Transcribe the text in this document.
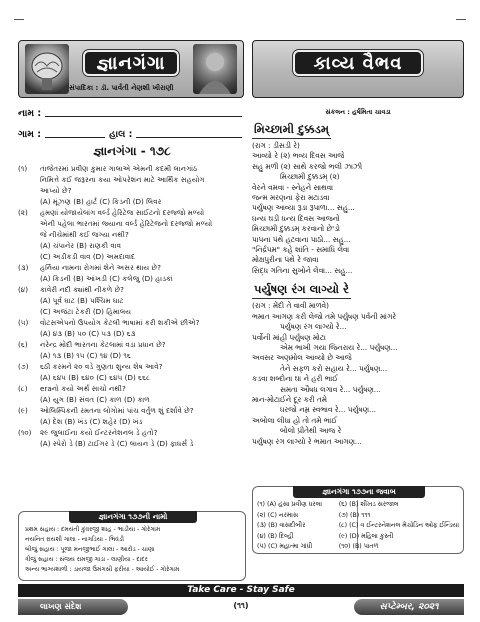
જ્ઞાનગંગા
સંપાદિકા : ડૉ. પાર્વતી નેણશી ખીરાણી
કાવ્ય વૈભવ
નામ :
ગામ :	હાલ :
જ્ઞાનગંગા - ૧૭૮
(૧)	તાજેતરમાં પ્રવીણ કુમાર ગાલાએ એમની કદમી લાનગાંઠ
નિમિત્તે કઈ જરૂરના કયા ઓપરેશન માટે આર્થિક સહયોગ
આપ્યો છે?
(A) મૂંઝણ (B) હાર્ટ (C) કિડની (D) લિવર
(૨)	હમણાં યોજાયેલાંગ વર્લ્ડ હેરિટેજ સાઈટનો દરજ્જો મળ્યો
એની પહેલા ભારતમાં જ્યાના વર્લ્ડ હેરિટેજનો દરજ્જો મળ્યો
જે નીચેમાંથી કઈ જગ્યા નથી?
(A) ચંપાનેર (B) રાણકી વાવ
(C) અડીકડી વાવ (D) અમદાવાદ
(૩)	હર્નિયા નામના રોગમાં શેને અસર થાય છે?
(A) કિડની (B) આંખડી (C) કલેજુ (D) હાડકાં
(૪)	કાવેરી નદી ક્યાંથી નીકળે છે?
(A) પૂર્વ ઘાટ (B) પશ્ચિમ ઘાટ
(C) અજંટા ટેકરી (D) હિમાલય
(૫)	વોટસએપનો ઉપયોગ કેટલી ભાષામાં કરી શકીએ છીએ?
(A) ૪૩ (B) ૫૦ (C) ૫૩ (D) ૬૩
(૬)	નરેન્દ્ર મોદી ભારતના કેટલામાં વડા પ્રધાન છે?
(A) ૧૩ (B) ૧૫ (C) ૧૪ (D) ૧૬
(૭)	૬ઠી કરમને ૨૦ વડે ગુણતા શુન્ય શેષ આવે?
(A) ૬૪૫ (B) ૬૪૦ (C) ૬૪૫ (D) ૬૬૮
(૮)	eraનો કયો અર્થ સાચો નથી?
(A) યુગ (B) સંવત (C) કાળ (D) કાળ
(૯)	ઓલિમ્પિકની રમતના લોગોમાં પાંચ વર્તુળ શું દર્શાવે છે?
(A) દેશ (B) ખંડ (C) શહેર (D) ખંડ
(૧૦)	૨૯ જુલાઈના કયો ઈન્ટરનેશનલ ડે હતો?
(A) સ્પેરો ડે (B) ટાઈગર ડે (C) લાયન ડે (D) ફાધર્સ ડે
જ્ઞાનગંગા ૧૭૭ની નામો
પ્રથમ સહાય : દમયંતી કુંવરજી શાહ - ભાડીયા - ગોરેગામ
નયનિત રાયશી ગાલા - નાગડિયા - ભિવંડી
બીજું સહાય : પૂજા મનજીભાઈ ગાલા - આરોંડ - ચાણા
ત્રીજું સહાય : સંજય રામજી ગાડા - લાણીયા - દાદર
અન્ય ભાગ્યશાળી : ડાયજા ઉમંગસી ફરીયા - આયોઈ - ગોરેગામ
સંકલન : હર્ષમિતા ચાવડા
મિચ્છામી દુક્કડમ્
(રાગ : ડીસડી રે)
આવ્યો રે (૨) ભવ્ય દિવસ આજે
સહુ મળી (૨) સાથે કરજો ભલી ઝાઝી
મિચ્છામી દુક્કડમ્ (૨)
વેરને વમવા - સ્નેહને સાથવા
જન્મ મરણના ફેરા મટાડવા
પર્યુષણ આવ્યા રૂડા રૂપાળા... સહુ...
ધન્ય ઘડી ધન્ય દિવસ આજનો
મિચ્છામી દુક્કડમ્ કરવાનો છે'ડો
પાપના પંથે હટવાના પાઠો... સહુ...
"નિર્દ્રપમ" કહે શાંતિ - સમાધિ લેવા
મોક્ષપુરીના પંથે રે જાવા
સિદ્ધ ગતિના સુખોને લેવા... સહુ...
પર્યુષણ રંગ લાગ્યો રે
(રાગ : મેંદી તે વાવી માળવે)
ભમાત આગણ કરી લેજો તમે પર્યુષણ પર્વની માંગરે
પર્યુષણ રંગ લાગ્યો રે...
પર્વોની માંહી પર્યુષણ મોટા
એમ ભાખી ગયા જિનરાય રે... પર્યુષણ...
અવસર અણમોલ આવ્યો છે આજે
તેને સફળ કરો સહાય રે... પર્યુષણ...
કડવા શબ્દોના ઘા ને હરી ભાઈ
સમતા ઔષધ લગાવ રે... પર્યુષણ...
માન-મોટાઈને દૂર કરી તમે
ધરજો નમ્ર સ્વભાવ રે... પર્યુષણ...
અબોલા લીધા હો તો તમે ભાઈ
બોલો પ્રીતેથી આજ રે
પર્યુષણ રંગ લાગ્યો રે ભમાત આગણ...
જ્ઞાનગંગા ૧૭૭ના જવાબ
(૧) (A) હંસા પ્રવીણ ધરલા	(૬) (B) શીખડ સરજાલ
(૨) (C) નરમાસ	(૭) (B) ૧૧૧
(૩) (B) વાસદીબીર	(૮) (C) વ ઈન્ટરનેશનલ મેચોડિન ઓફ ઈન્ડિયા
(૪) (B) દિલ્હી	(૯) (D) મહિલા કુસ્તી
(૫) (C) મહાત્મા ગાંધી	(૧૦) (B) પાતળ
Take Care - Stay Safe
લાખણ સંદેશ	(૧૧)	સપ્ટેમ્બર, ૨૦૨૧
